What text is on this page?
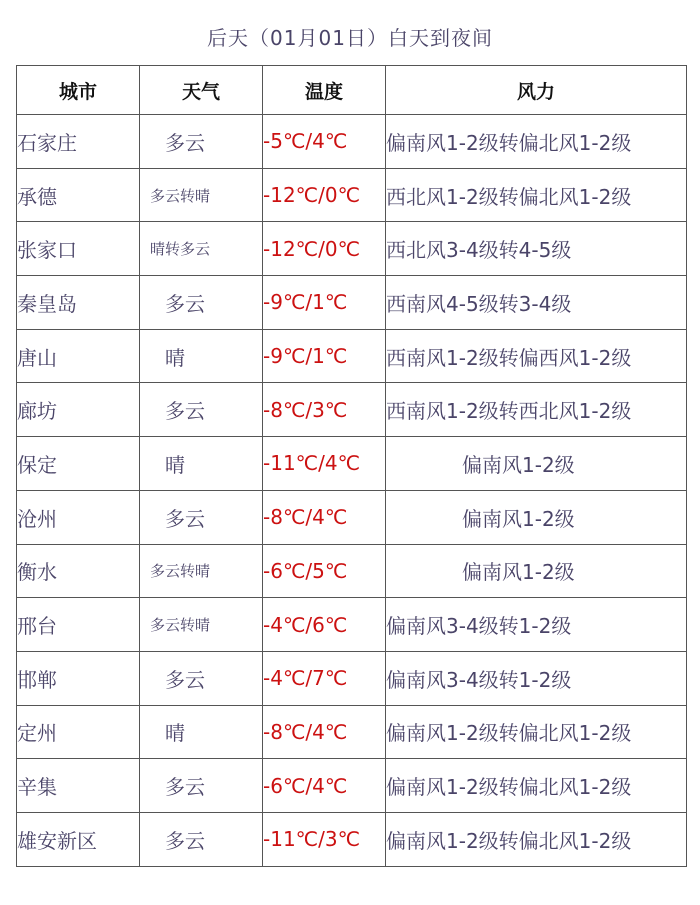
后天（01月01日）白天到夜间
城市	天气	温度	风力
石家庄	多云	-5℃/4℃	偏南风1-2级转偏北风1-2级
承德	多云转晴	-12℃/0℃	西北风1-2级转偏北风1-2级
张家口	晴转多云	-12℃/0℃	西北风3-4级转4-5级
秦皇岛	多云	-9℃/1℃	西南风4-5级转3-4级
唐山	晴	-9℃/1℃	西南风1-2级转偏西风1-2级
廊坊	多云	-8℃/3℃	西南风1-2级转西北风1-2级
保定	晴	-11℃/4℃	偏南风1-2级
沧州	多云	-8℃/4℃	偏南风1-2级
衡水	多云转晴	-6℃/5℃	偏南风1-2级
邢台	多云转晴	-4℃/6℃	偏南风3-4级转1-2级
邯郸	多云	-4℃/7℃	偏南风3-4级转1-2级
定州	晴	-8℃/4℃	偏南风1-2级转偏北风1-2级
辛集	多云	-6℃/4℃	偏南风1-2级转偏北风1-2级
雄安新区	多云	-11℃/3℃	偏南风1-2级转偏北风1-2级
